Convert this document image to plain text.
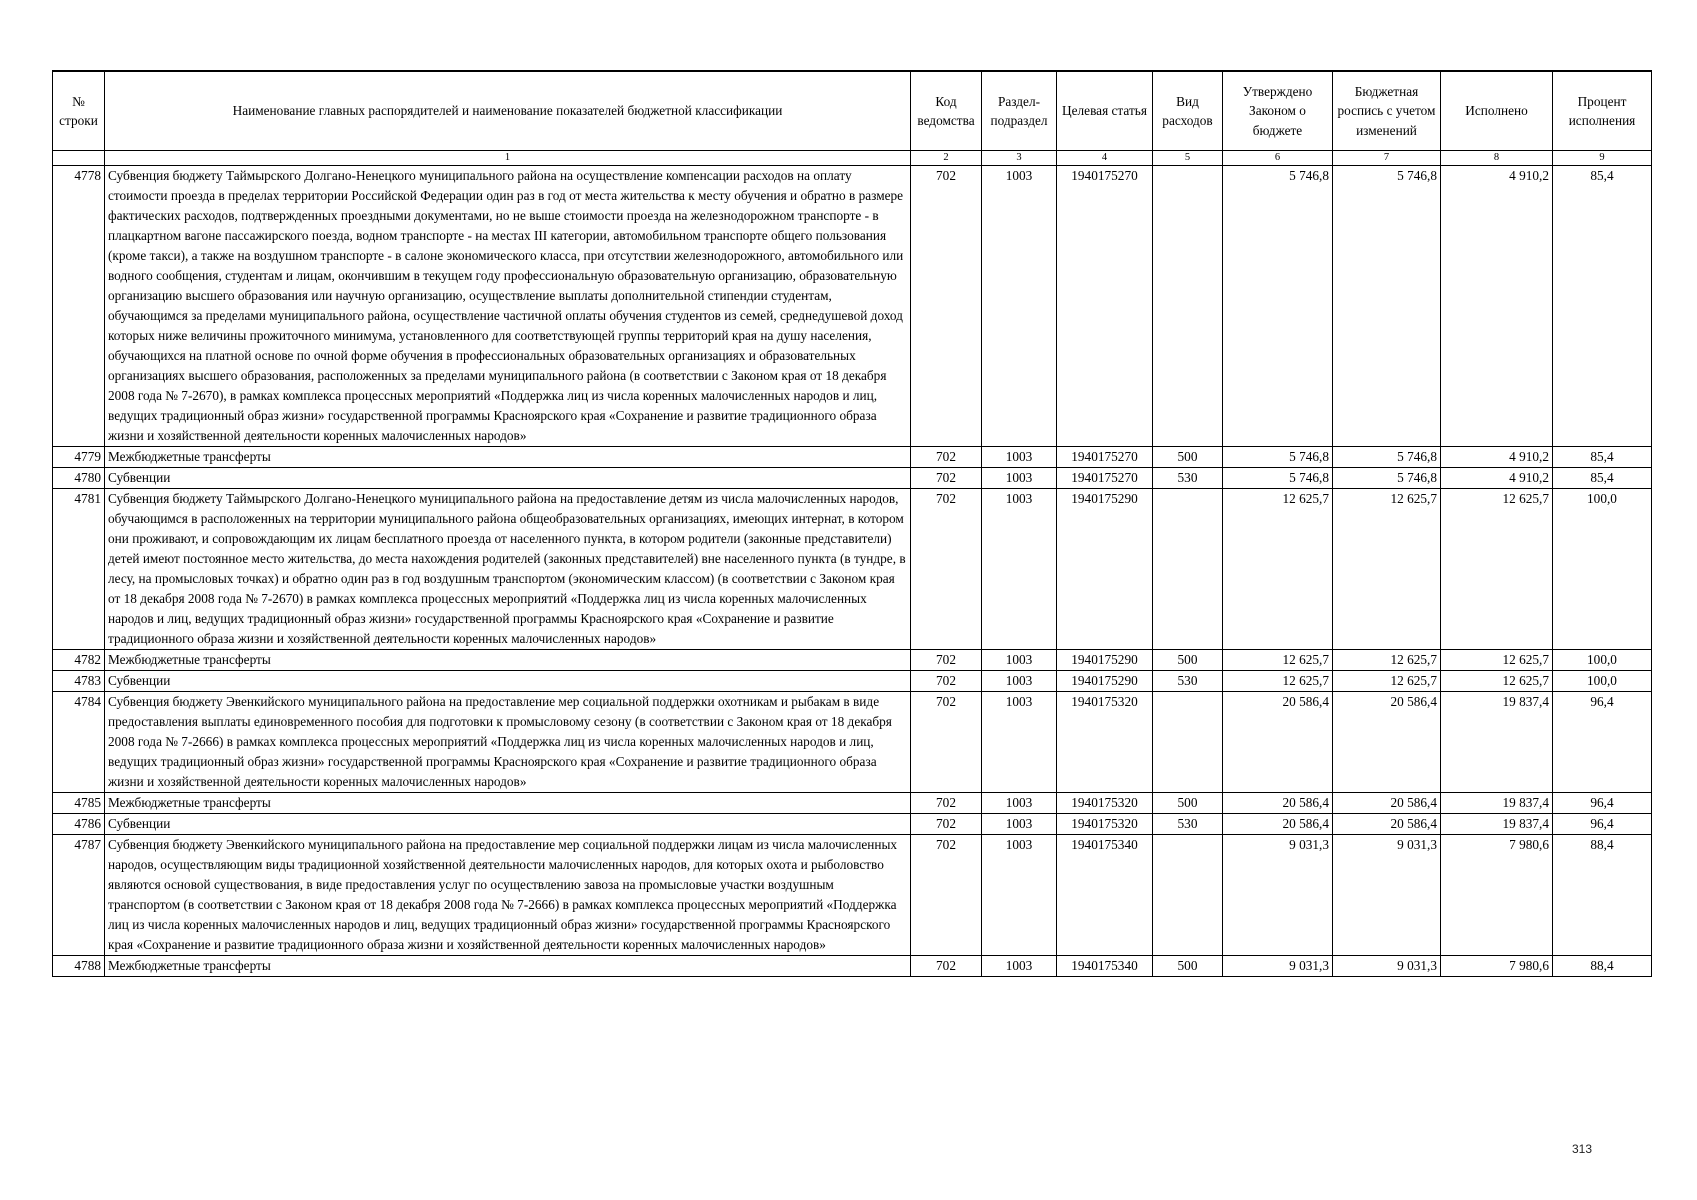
№ строки	Наименование главных распорядителей и наименование показателей бюджетной классификации	Код ведомства	Раздел-подраздел	Целевая статья	Вид расходов	Утверждено Законом о бюджете	Бюджетная роспись с учетом изменений	Исполнено	Процент исполнения
	1	2	3	4	5	6	7	8	9
4778	Субвенция бюджету Таймырского Долгано-Ненецкого муниципального района на осуществление компенсации расходов на оплату стоимости проезда в пределах территории Российской Федерации один раз в год от места жительства к месту обучения и обратно в размере фактических расходов, подтвержденных проездными документами, но не выше стоимости проезда на железнодорожном транспорте - в плацкартном вагоне пассажирского поезда, водном транспорте - на местах III категории, автомобильном транспорте общего пользования (кроме такси), а также на воздушном транспорте - в салоне экономического класса, при отсутствии железнодорожного, автомобильного или водного сообщения, студентам и лицам, окончившим в текущем году профессиональную образовательную организацию, образовательную организацию высшего образования или научную организацию, осуществление выплаты дополнительной стипендии студентам, обучающимся за пределами муниципального района, осуществление частичной оплаты обучения студентов из семей, среднедушевой доход которых ниже величины прожиточного минимума, установленного для соответствующей группы территорий края на душу населения, обучающихся на платной основе по очной форме обучения в профессиональных образовательных организациях и образовательных организациях высшего образования, расположенных за пределами муниципального района (в соответствии с Законом края от 18 декабря 2008 года № 7-2670), в рамках комплекса процессных мероприятий «Поддержка лиц из числа коренных малочисленных народов и лиц, ведущих традиционный образ жизни» государственной программы Красноярского края «Сохранение и развитие традиционного образа жизни и хозяйственной деятельности коренных малочисленных народов»	702	1003	1940175270		5 746,8	5 746,8	4 910,2	85,4
4779	Межбюджетные трансферты	702	1003	1940175270	500	5 746,8	5 746,8	4 910,2	85,4
4780	Субвенции	702	1003	1940175270	530	5 746,8	5 746,8	4 910,2	85,4
4781	Субвенция бюджету Таймырского Долгано-Ненецкого муниципального района на предоставление детям из числа малочисленных народов, обучающимся в расположенных на территории муниципального района общеобразовательных организациях, имеющих интернат, в котором они проживают, и сопровождающим их лицам бесплатного проезда от населенного пункта, в котором родители (законные представители) детей имеют постоянное место жительства, до места нахождения родителей (законных представителей) вне населенного пункта (в тундре, в лесу, на промысловых точках) и обратно один раз в год воздушным транспортом (экономическим классом) (в соответствии с Законом края от 18 декабря 2008 года № 7-2670) в рамках комплекса процессных мероприятий «Поддержка лиц из числа коренных малочисленных народов и лиц, ведущих традиционный образ жизни» государственной программы Красноярского края «Сохранение и развитие традиционного образа жизни и хозяйственной деятельности коренных малочисленных народов»	702	1003	1940175290		12 625,7	12 625,7	12 625,7	100,0
4782	Межбюджетные трансферты	702	1003	1940175290	500	12 625,7	12 625,7	12 625,7	100,0
4783	Субвенции	702	1003	1940175290	530	12 625,7	12 625,7	12 625,7	100,0
4784	Субвенция бюджету Эвенкийского муниципального района на предоставление мер социальной поддержки охотникам и рыбакам в виде предоставления выплаты единовременного пособия для подготовки к промысловому сезону (в соответствии с Законом края от 18 декабря 2008 года № 7-2666) в рамках комплекса процессных мероприятий «Поддержка лиц из числа коренных малочисленных народов и лиц, ведущих традиционный образ жизни» государственной программы Красноярского края «Сохранение и развитие традиционного образа жизни и хозяйственной деятельности коренных малочисленных народов»	702	1003	1940175320		20 586,4	20 586,4	19 837,4	96,4
4785	Межбюджетные трансферты	702	1003	1940175320	500	20 586,4	20 586,4	19 837,4	96,4
4786	Субвенции	702	1003	1940175320	530	20 586,4	20 586,4	19 837,4	96,4
4787	Субвенция бюджету Эвенкийского муниципального района на предоставление мер социальной поддержки лицам из числа малочисленных народов, осуществляющим виды традиционной хозяйственной деятельности малочисленных народов, для которых охота и рыболовство являются основой существования, в виде предоставления услуг по осуществлению завоза на промысловые участки воздушным транспортом (в соответствии с Законом края от 18 декабря 2008 года № 7-2666) в рамках комплекса процессных мероприятий «Поддержка лиц из числа коренных малочисленных народов и лиц, ведущих традиционный образ жизни» государственной программы Красноярского края «Сохранение и развитие традиционного образа жизни и хозяйственной деятельности коренных малочисленных народов»	702	1003	1940175340		9 031,3	9 031,3	7 980,6	88,4
4788	Межбюджетные трансферты	702	1003	1940175340	500	9 031,3	9 031,3	7 980,6	88,4
313
